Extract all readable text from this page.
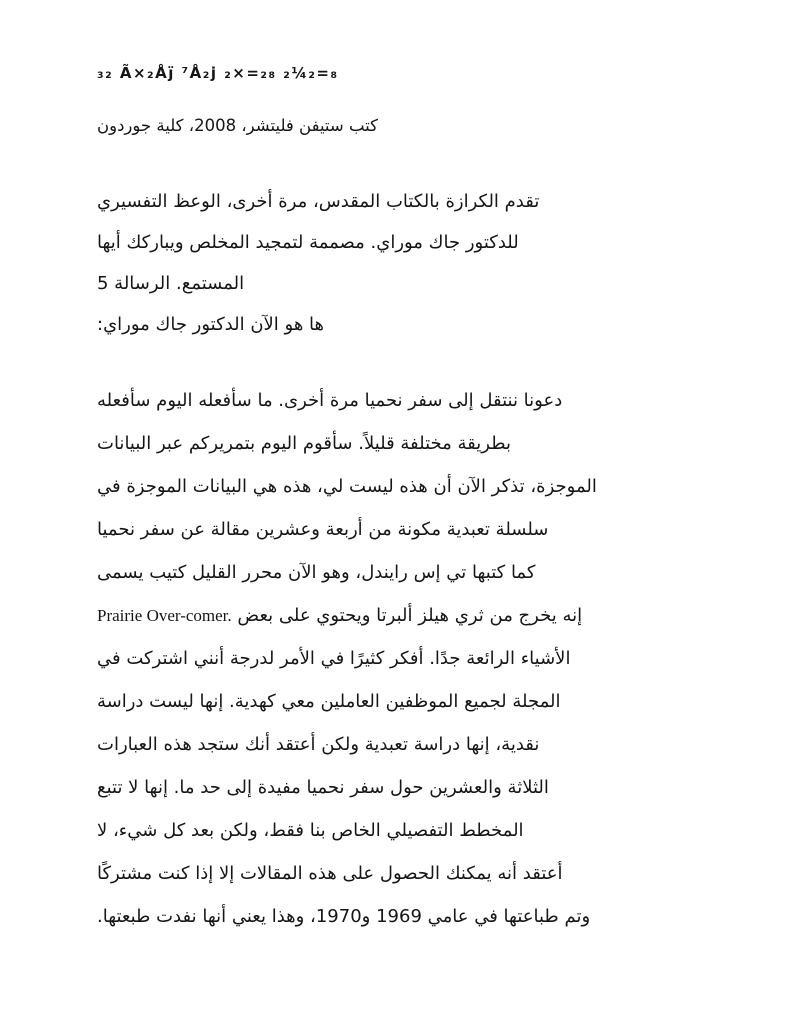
₃₂ Ã×₂Åj̈ ⁷Å₂j ₂×=₂₈ ₂¼₂=₈
كتب ستيفن فليتشر، 2008، كلية جوردون
تقدم الكرازة بالكتاب المقدس، مرة أخرى، الوعظ التفسيري
للدكتور جاك موراي. مصممة لتمجيد المخلص ويباركك أيها
المستمع. الرسالة 5
ها هو الآن الدكتور جاك موراي:
دعونا ننتقل إلى سفر نحميا مرة أخرى. ما سأفعله اليوم سأفعله
بطريقة مختلفة قليلاً. سأقوم اليوم بتمريركم عبر البيانات
الموجزة، تذكر الآن أن هذه ليست لي، هذه هي البيانات الموجزة في
سلسلة تعبدية مكونة من أربعة وعشرين مقالة عن سفر نحميا
كما كتبها تي إس رايندل، وهو الآن محرر القليل كتيب يسمى
إنه يخرج من ثري هيلز ألبرتا ويحتوي على بعض Prairie Over-comer.
الأشياء الرائعة جدًا. أفكر كثيرًا في الأمر لدرجة أنني اشتركت في
المجلة لجميع الموظفين العاملين معي كهدية. إنها ليست دراسة
نقدية، إنها دراسة تعبدية ولكن أعتقد أنك ستجد هذه العبارات
الثلاثة والعشرين حول سفر نحميا مفيدة إلى حد ما. إنها لا تتبع
المخطط التفصيلي الخاص بنا فقط، ولكن بعد كل شيء، لا
أعتقد أنه يمكنك الحصول على هذه المقالات إلا إذا كنت مشتركًا
وتم طباعتها في عامي 1969 و1970، وهذا يعني أنها نفدت طبعتها.
